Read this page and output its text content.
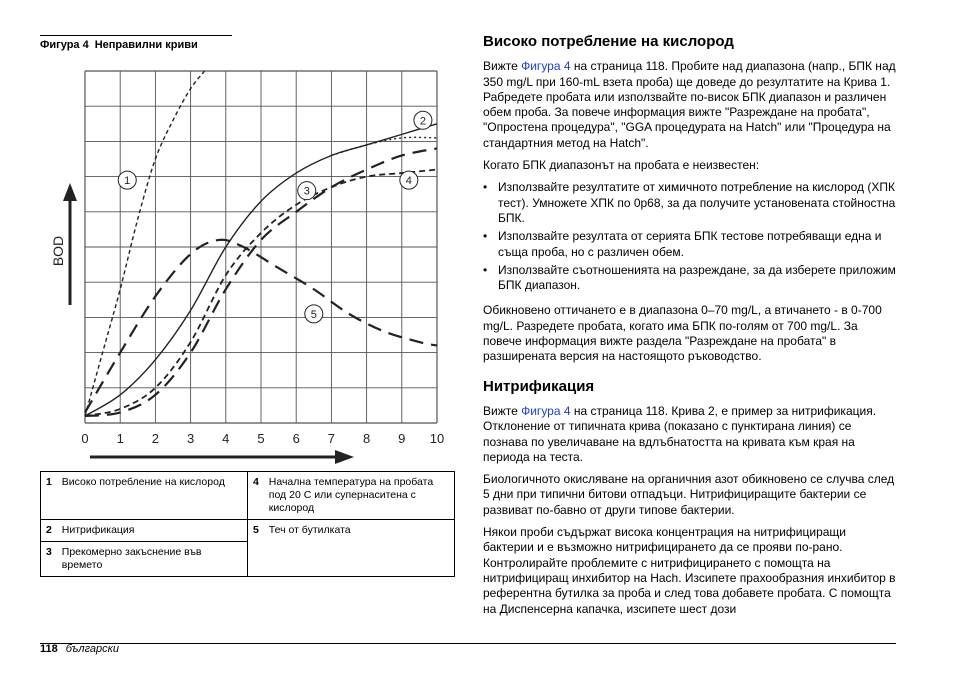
Фигура 4 Неправилни криви
BOD
0 1 2 3 4 5 6 7 8 9 10
1
2
3
4
5
1	Високо потребление на кислород	4	Начална температура на пробата под 20 C или супернаситена с кислород
2	Нитрификация	5	Теч от бутилката
3	Прекомерно закъснение във времето		
Високо потребление на кислород

Вижте Фигура 4 на страница 118. Пробите над диапазона (напр., БПК над 350 mg/L при 160-mL взета проба) ще доведе до резултатите на Крива 1. Рабредете пробата или използвайте по-висок БПК диапазон и различен обем проба. За повече информация вижте "Разреждане на пробата", "Опростена процедура", "GGA процедурата на Hatch" или "Процедура на стандартния метод на Hatch".

Когато БПК диапазонът на пробата е неизвестен:

• Използвайте резултатите от химичното потребление на кислород (ХПК тест). Умножете ХПК по 0р68, за да получите установената стойностна БПК.
• Използвайте резултата от серията БПК тестове потребяващи една и съща проба, но с различен обем.
• Използвайте съотношенията на разреждане, за да изберете приложим БПК диапазон.

Обикновено оттичането е в диапазона 0–70 mg/L, а втичането - в 0-700 mg/L. Разредете пробата, когато има БПК по-голям от 700 mg/L. За повече информация вижте раздела "Разреждане на пробата" в разширената версия на настоящото ръководство.

Нитрификация

Вижте Фигура 4 на страница 118. Крива 2, е пример за нитрификация. Отклонение от типичната крива (показано с пунктирана линия) се познава по увеличаване на вдлъбнатостта на кривата към края на периода на теста.

Биологичното окисляване на органичния азот обикновено се случва след 5 дни при типични битови отпадъци. Нитрифициращите бактерии се развиват по-бавно от други типове бактерии.

Някои проби съдържат висока концентрация на нитрифициращи бактерии и е възможно нитрифицирането да се прояви по-рано. Контролирайте проблемите с нитрифицирането с помощта на нитрифициращ инхибитор на Hach. Изсипете прахообразния инхибитор в референтна бутилка за проба и след това добавете пробата. С помощта на Диспенсерна капачка, изсипете шест дози

118 български
